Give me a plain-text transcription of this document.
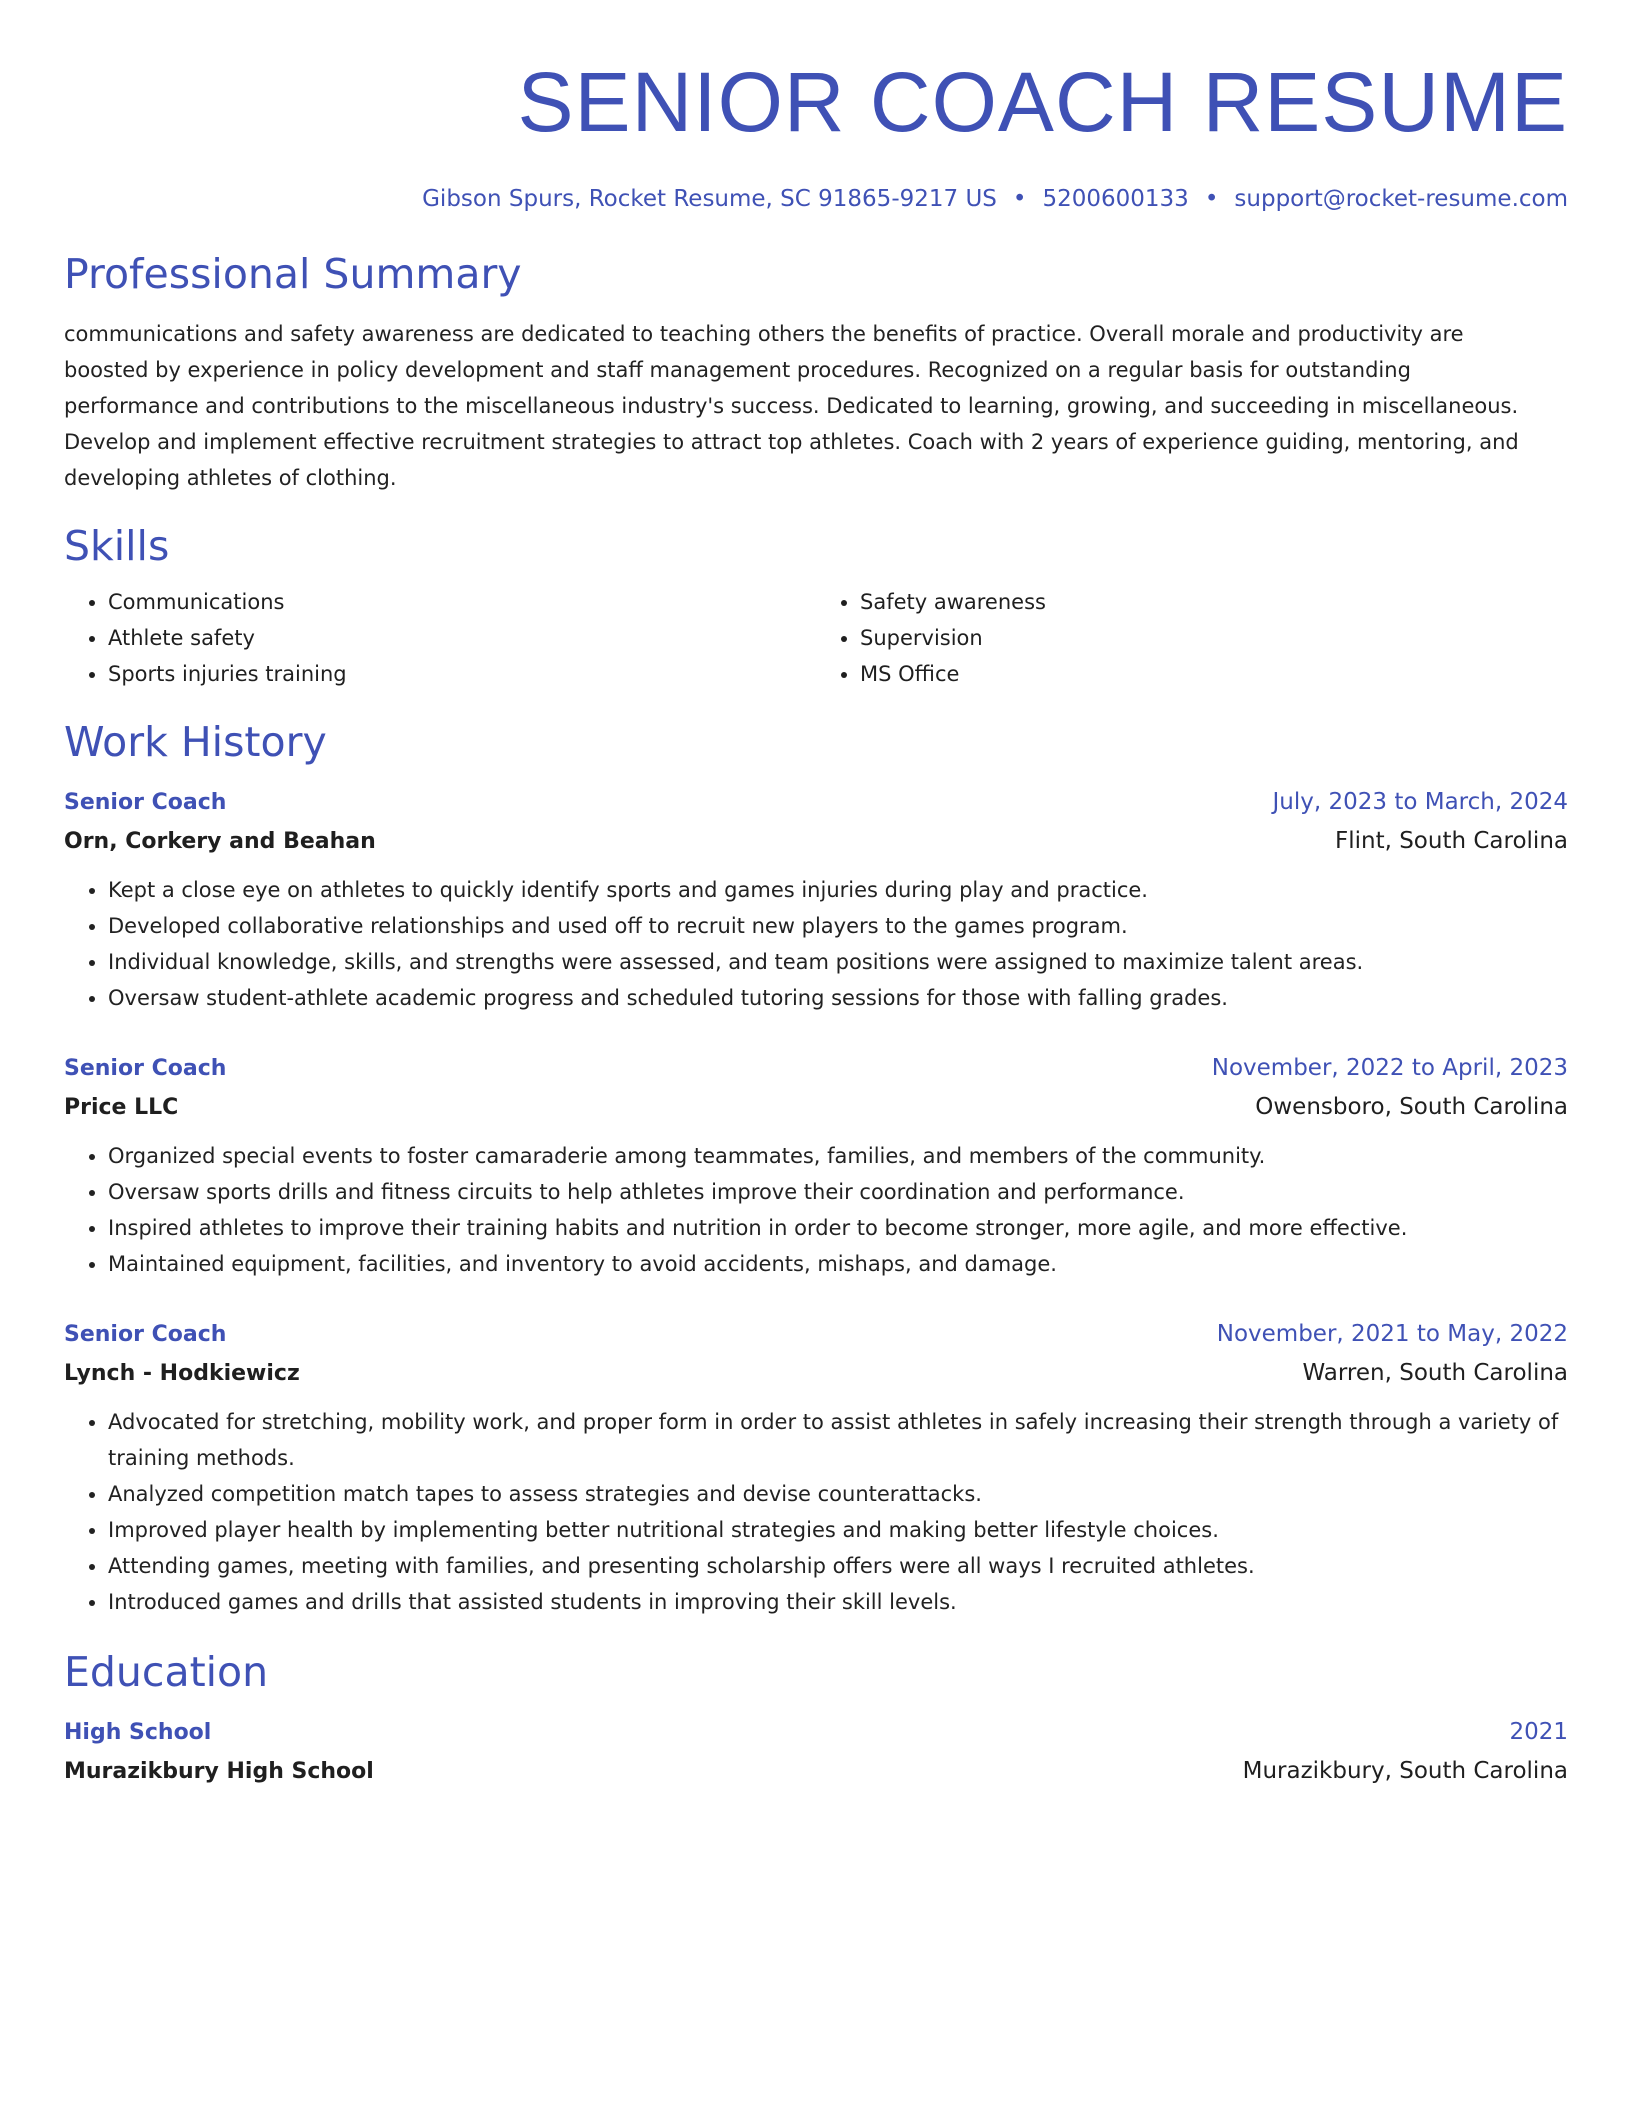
SENIOR COACH RESUME
Gibson Spurs, Rocket Resume, SC 91865-9217 US • 5200600133 • support@rocket-resume.com
Professional Summary

communications and safety awareness are dedicated to teaching others the benefits of practice. Overall morale and productivity are boosted by experience in policy development and staff management procedures. Recognized on a regular basis for outstanding performance and contributions to the miscellaneous industry's success. Dedicated to learning, growing, and succeeding in miscellaneous. Develop and implement effective recruitment strategies to attract top athletes. Coach with 2 years of experience guiding, mentoring, and developing athletes of clothing.

Skills
• Communications
• Athlete safety
• Sports injuries training
• Safety awareness
• Supervision
• MS Office
Work History
Senior Coach	July, 2023 to March, 2024
Orn, Corkery and Beahan	Flint, South Carolina
• Kept a close eye on athletes to quickly identify sports and games injuries during play and practice.
• Developed collaborative relationships and used off to recruit new players to the games program.
• Individual knowledge, skills, and strengths were assessed, and team positions were assigned to maximize talent areas.
• Oversaw student-athlete academic progress and scheduled tutoring sessions for those with falling grades.
Senior Coach	November, 2022 to April, 2023
Price LLC	Owensboro, South Carolina
• Organized special events to foster camaraderie among teammates, families, and members of the community.
• Oversaw sports drills and fitness circuits to help athletes improve their coordination and performance.
• Inspired athletes to improve their training habits and nutrition in order to become stronger, more agile, and more effective.
• Maintained equipment, facilities, and inventory to avoid accidents, mishaps, and damage.
Senior Coach	November, 2021 to May, 2022
Lynch - Hodkiewicz	Warren, South Carolina
• Advocated for stretching, mobility work, and proper form in order to assist athletes in safely increasing their strength through a variety of training methods.
• Analyzed competition match tapes to assess strategies and devise counterattacks.
• Improved player health by implementing better nutritional strategies and making better lifestyle choices.
• Attending games, meeting with families, and presenting scholarship offers were all ways I recruited athletes.
• Introduced games and drills that assisted students in improving their skill levels.
Education
High School	2021
Murazikbury High School	Murazikbury, South Carolina
